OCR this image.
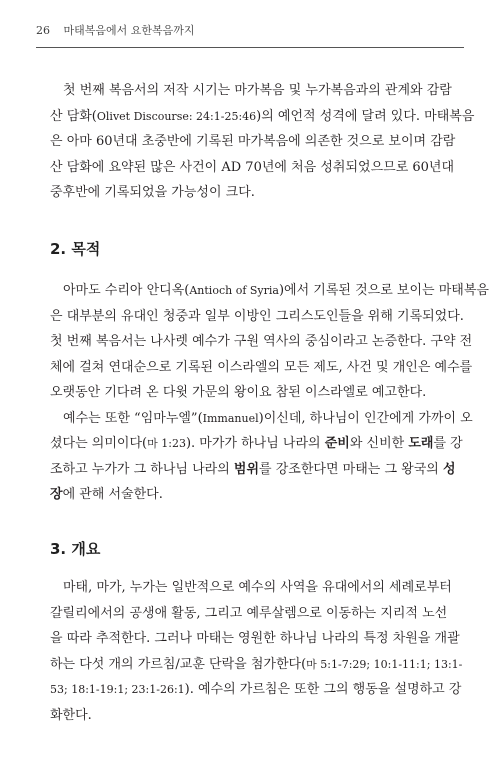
26 마태복음에서 요한복음까지
　첫 번째 복음서의 저작 시기는 마가복음 및 누가복음과의 관계와 감람
산 담화(Olivet Discourse: 24:1-25:46)의 예언적 성격에 달려 있다. 마태복음
은 아마 60년대 초중반에 기록된 마가복음에 의존한 것으로 보이며 감람
산 담화에 요약된 많은 사건이 AD 70년에 처음 성취되었으므로 60년대
중후반에 기록되었을 가능성이 크다.
2. 목적
　아마도 수리아 안디옥(Antioch of Syria)에서 기록된 것으로 보이는 마태복음
은 대부분의 유대인 청중과 일부 이방인 그리스도인들을 위해 기록되었다.
첫 번째 복음서는 나사렛 예수가 구원 역사의 중심이라고 논증한다. 구약 전
체에 걸쳐 연대순으로 기록된 이스라엘의 모든 제도, 사건 및 개인은 예수를
오랫동안 기다려 온 다윗 가문의 왕이요 참된 이스라엘로 예고한다.
　예수는 또한 “임마누엘”(Immanuel)이신데, 하나님이 인간에게 가까이 오
셨다는 의미이다(마 1:23). 마가가 하나님 나라의 준비와 신비한 도래를 강
조하고 누가가 그 하나님 나라의 범위를 강조한다면 마태는 그 왕국의 성
장에 관해 서술한다.
3. 개요
　마태, 마가, 누가는 일반적으로 예수의 사역을 유대에서의 세례로부터
갈릴리에서의 공생애 활동, 그리고 예루살렘으로 이동하는 지리적 노선
을 따라 추적한다. 그러나 마태는 영원한 하나님 나라의 특정 차원을 개괄
하는 다섯 개의 가르침/교훈 단락을 첨가한다(마 5:1-7:29; 10:1-11:1; 13:1-
53; 18:1-19:1; 23:1-26:1). 예수의 가르침은 또한 그의 행동을 설명하고 강
화한다.
